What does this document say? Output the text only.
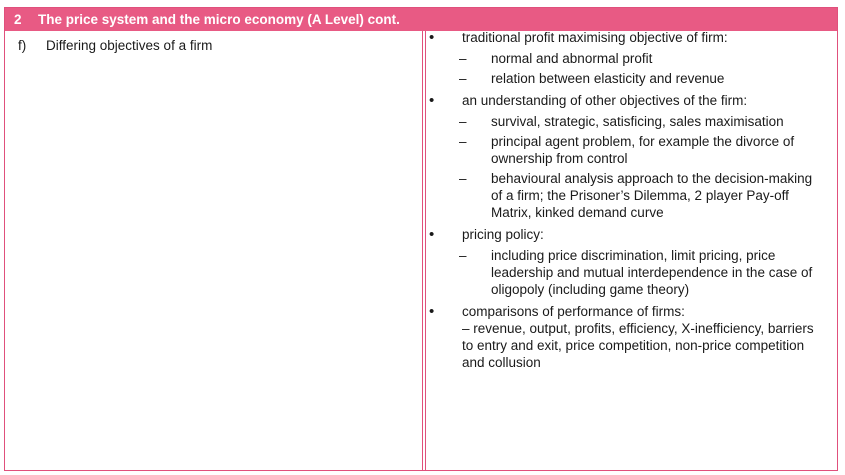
2 The price system and the micro economy (A Level) cont.
f) Differing objectives of a firm
• traditional profit maximising objective of firm:
– normal and abnormal profit
– relation between elasticity and revenue
• an understanding of other objectives of the firm:
– survival, strategic, satisficing, sales maximisation
– principal agent problem, for example the divorce of ownership from control
– behavioural analysis approach to the decision-making of a firm; the Prisoner’s Dilemma, 2 player Pay-off Matrix, kinked demand curve
• pricing policy:
– including price discrimination, limit pricing, price leadership and mutual interdependence in the case of oligopoly (including game theory)
• comparisons of performance of firms:
– revenue, output, profits, efficiency, X-inefficiency, barriers to entry and exit, price competition, non-price competition and collusion
